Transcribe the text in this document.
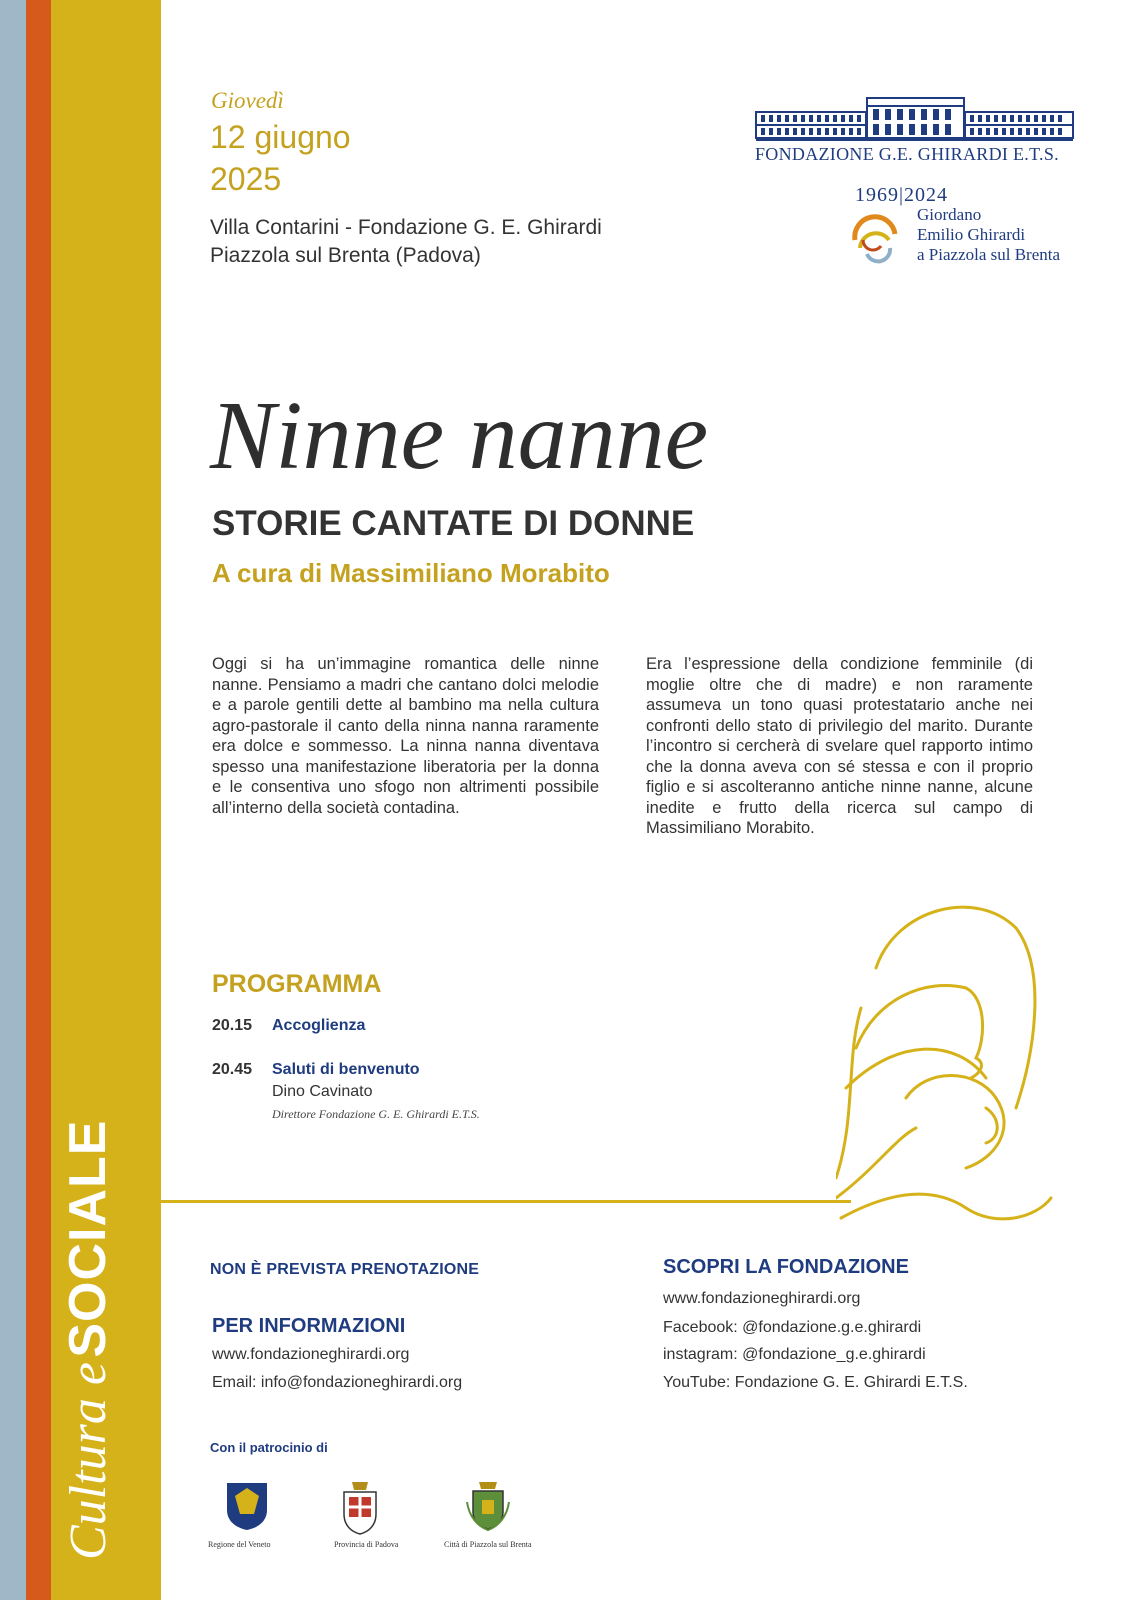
Cultura e SOCIALE
Giovedì
12 giugno
2025
Villa Contarini - Fondazione G. E. Ghirardi
Piazzola sul Brenta (Padova)
FONDAZIONE G.E. GHIRARDI E.T.S.
1969|2024
Giordano
Emilio Ghirardi
a Piazzola sul Brenta
Ninne nanne
STORIE CANTATE DI DONNE
A cura di Massimiliano Morabito
Oggi si ha un’immagine romantica delle ninne nanne. Pensiamo a madri che cantano dolci melodie e a parole gentili dette al bambino ma nella cultura agro-pastorale il canto della ninna nanna raramente era dolce e sommesso. La ninna nanna diventava spesso una manifestazione liberatoria per la donna e le consentiva uno sfogo non altrimenti possibile all’interno della società contadina.
Era l’espressione della condizione femminile (di moglie oltre che di madre) e non raramente assumeva un tono quasi protestatario anche nei confronti dello stato di privilegio del marito. Durante l’incontro si cercherà di svelare quel rapporto intimo che la donna aveva con sé stessa e con il proprio figlio e si ascolteranno antiche ninne nanne, alcune inedite e frutto della ricerca sul campo di Massimiliano Morabito.
PROGRAMMA
20.15 Accoglienza
20.45 Saluti di benvenuto
Dino Cavinato
Direttore Fondazione G. E. Ghirardi E.T.S.
NON È PREVISTA PRENOTAZIONE
PER INFORMAZIONI
www.fondazioneghirardi.org
Email: info@fondazioneghirardi.org
SCOPRI LA FONDAZIONE
www.fondazioneghirardi.org
Facebook: @fondazione.g.e.ghirardi
instagram: @fondazione_g.e.ghirardi
YouTube: Fondazione G. E. Ghirardi E.T.S.
Con il patrocinio di
Regione del Veneto	Provincia di Padova	Città di Piazzola sul Brenta
